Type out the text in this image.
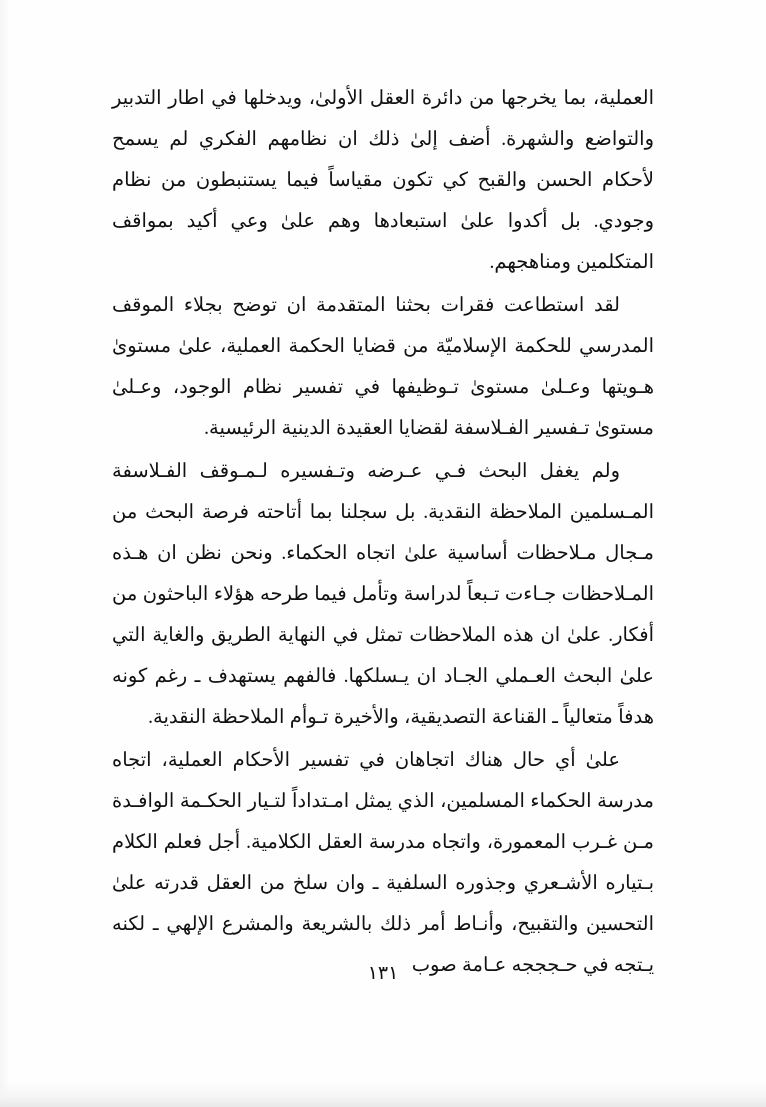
العملية، بما يخرجها من دائرة العقل الأولىٰ، ويدخلها في اطار التدبير والتواضع والشهرة. أضف إلىٰ ذلك ان نظامهم الفكري لم يسمح لأحكام الحسن والقبح كي تكون مقياساً فيما يستنبطون من نظام وجودي. بل أكدوا علىٰ استبعادها وهم علىٰ وعي أكيد بمواقف المتكلمين ومناهجهم.

لقد استطاعت فقرات بحثنا المتقدمة ان توضح بجلاء الموقف المدرسي للحكمة الإسلاميّة من قضايا الحكمة العملية، علىٰ مستوىٰ هـويتها وعـلىٰ مستوىٰ تـوظيفها في تفسير نظام الوجود، وعـلىٰ مستوىٰ تـفسير الفـلاسفة لقضايا العقيدة الدينية الرئيسية.

ولم يغفل البحث فـي عـرضه وتـفسيره لـمـوقف الفـلاسفة المـسلمين الملاحظة النقدية. بل سجلنا بما أتاحته فرصة البحث من مـجال مـلاحظات أساسية علىٰ اتجاه الحكماء. ونحن نظن ان هـذه المـلاحظات جـاءت تـبعاً لدراسة وتأمل فيما طرحه هؤلاء الباحثون من أفكار. علىٰ ان هذه الملاحظات تمثل في النهاية الطريق والغاية التي علىٰ البحث العـملي الجـاد ان يـسلكها. فالفهم يستهدف ـ رغم كونه هدفاً متعالياً ـ القناعة التصديقية، والأخيرة تـوأم الملاحظة النقدية.

علىٰ أي حال هناك اتجاهان في تفسير الأحكام العملية، اتجاه مدرسة الحكماء المسلمين، الذي يمثل امـتداداً لتـيار الحكـمة الوافـدة مـن غـرب المعمورة، واتجاه مدرسة العقل الكلامية. أجل فعلم الكلام بـتياره الأشـعري وجذوره السلفية ـ وان سلخ من العقل قدرته علىٰ التحسين والتقبيح، وأنـاط أمر ذلك بالشريعة والمشرع الإلهي ـ لكنه يـتجه في حـجججه عـامة صوب

١٣١
